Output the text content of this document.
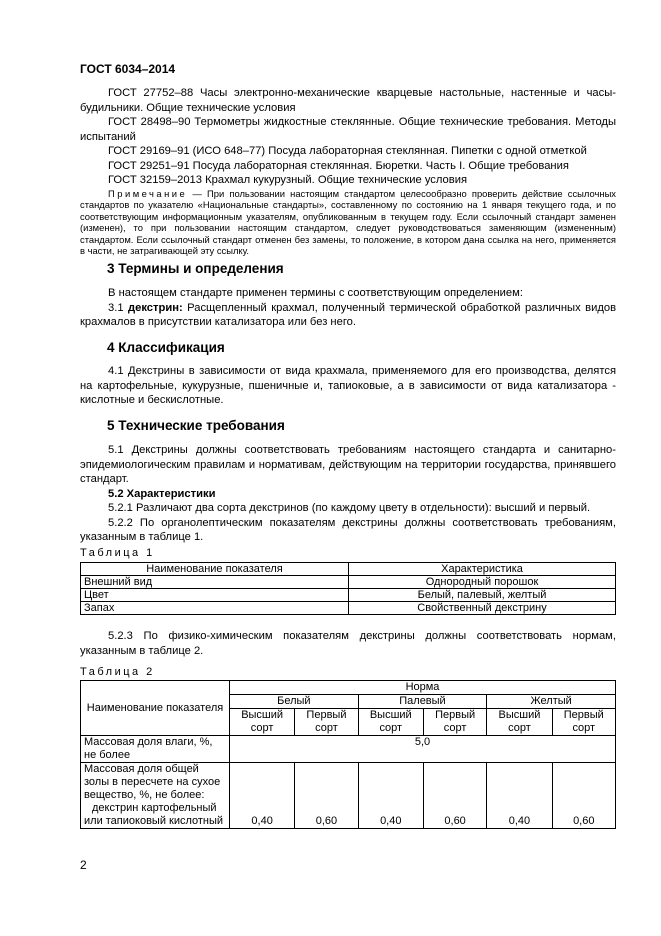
ГОСТ 6034–2014

ГОСТ 27752–88 Часы электронно-механические кварцевые настольные, настенные и часы-будильники. Общие технические условия

ГОСТ 28498–90 Термометры жидкостные стеклянные. Общие технические требования. Методы испытаний

ГОСТ 29169–91 (ИСО 648–77) Посуда лабораторная стеклянная. Пипетки с одной отметкой

ГОСТ 29251–91 Посуда лабораторная стеклянная. Бюретки. Часть I. Общие требования

ГОСТ 32159–2013 Крахмал кукурузный. Общие технические условия

Примечание — При пользовании настоящим стандартом целесообразно проверить действие ссылочных стандартов по указателю «Национальные стандарты», составленному по состоянию на 1 января текущего года, и по соответствующим информационным указателям, опубликованным в текущем году. Если ссылочный стандарт заменен (изменен), то при пользовании настоящим стандартом, следует руководствоваться заменяющим (измененным) стандартом. Если ссылочный стандарт отменен без замены, то положение, в котором дана ссылка на него, применяется в части, не затрагивающей эту ссылку.

3 Термины и определения

В настоящем стандарте применен термины с соответствующим определением:

3.1 декстрин: Расщепленный крахмал, полученный термической обработкой различных видов крахмалов в присутствии катализатора или без него.

4 Классификация

4.1 Декстрины в зависимости от вида крахмала, применяемого для его производства, делятся на картофельные, кукурузные, пшеничные и, тапиоковые, а в зависимости от вида катализатора - кислотные и бескислотные.

5 Технические требования

5.1 Декстрины должны соответствовать требованиям настоящего стандарта и санитарно-эпидемиологическим правилам и нормативам, действующим на территории государства, принявшего стандарт.

5.2 Характеристики

5.2.1 Различают два сорта декстринов (по каждому цвету в отдельности): высший и первый.

5.2.2 По органолептическим показателям декстрины должны соответствовать требованиям, указанным в таблице 1.

Таблица 1
Наименование показателя	Характеристика
Внешний вид	Однородный порошок
Цвет	Белый, палевый, желтый
Запах	Свойственный декстрину

5.2.3 По физико-химическим показателям декстрины должны соответствовать нормам, указанным в таблице 2.

Таблица 2
Наименование показателя	Норма					
	Белый		Палевый		Желтый	
	Высший сорт	Первый сорт	Высший сорт	Первый сорт	Высший сорт	Первый сорт
Массовая доля влаги, %, не более	5,0					

Массовая доля общей золы в пересчете на сухое вещество, %, не более:
декстрин картофельный или тапиоковый кислотный	0,40	0,60	0,40	0,60	0,40	0,60
2
